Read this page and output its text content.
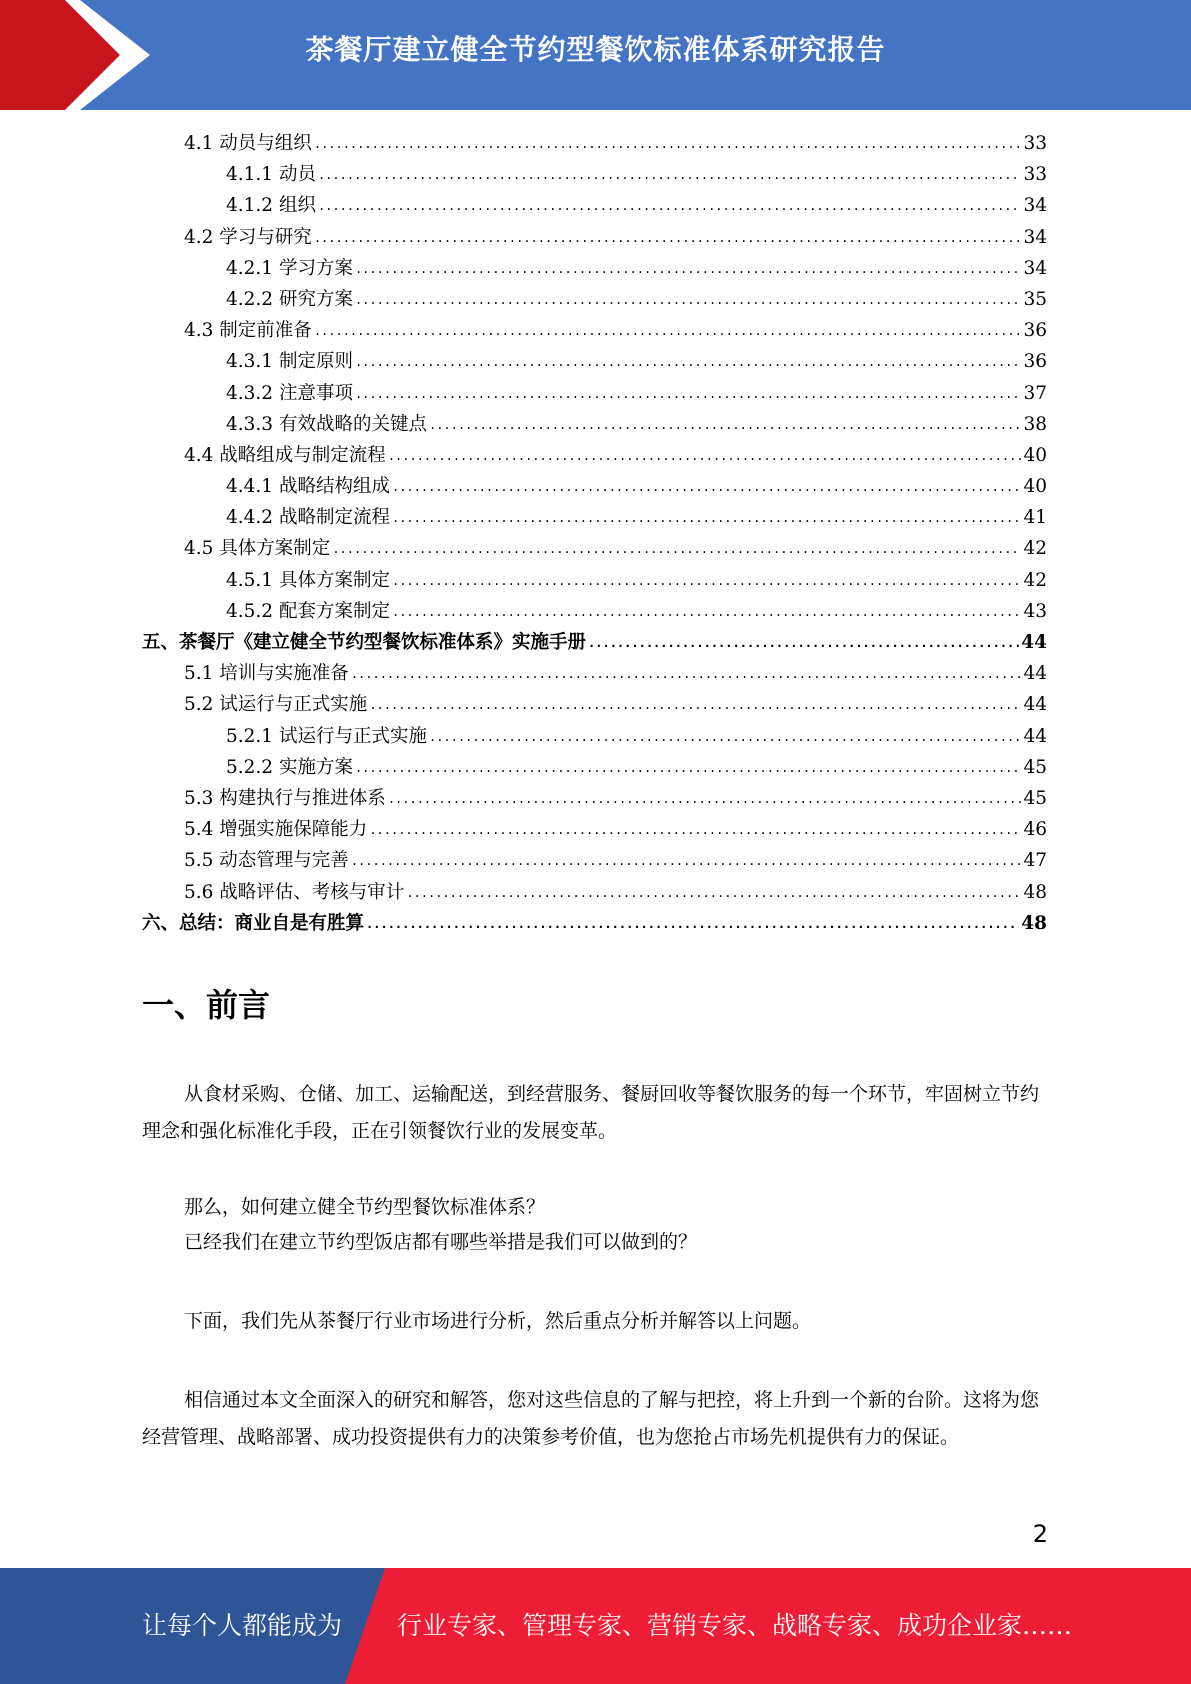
茶餐厅建立健全节约型餐饮标准体系研究报告
4.1 动员与组织 .....	33
4.1.1 动员 .....	33
4.1.2 组织 .....	34
4.2 学习与研究 .....	34
4.2.1 学习方案 .....	34
4.2.2 研究方案 .....	35
4.3 制定前准备 .....	36
4.3.1 制定原则 .....	36
4.3.2 注意事项 .....	37
4.3.3 有效战略的关键点 .....	38
4.4 战略组成与制定流程 .....	40
4.4.1 战略结构组成 .....	40
4.4.2 战略制定流程 .....	41
4.5 具体方案制定 .....	42
4.5.1 具体方案制定 .....	42
4.5.2 配套方案制定 .....	43
五、茶餐厅《建立健全节约型餐饮标准体系》实施手册 .....	44
5.1 培训与实施准备 .....	44
5.2 试运行与正式实施 .....	44
5.2.1 试运行与正式实施 .....	44
5.2.2 实施方案 .....	45
5.3 构建执行与推进体系 .....	45
5.4 增强实施保障能力 .....	46
5.5 动态管理与完善 .....	47
5.6 战略评估、考核与审计 .....	48
六、总结：商业自是有胜算 .....	48
一、前言
从食材采购、仓储、加工、运输配送，到经营服务、餐厨回收等餐饮服务的每一个环节，牢固树立节约理念和强化标准化手段，正在引领餐饮行业的发展变革。
那么，如何建立健全节约型餐饮标准体系？
已经我们在建立节约型饭店都有哪些举措是我们可以做到的？
下面，我们先从茶餐厅行业市场进行分析，然后重点分析并解答以上问题。
相信通过本文全面深入的研究和解答，您对这些信息的了解与把控，将上升到一个新的台阶。这将为您经营管理、战略部署、成功投资提供有力的决策参考价值，也为您抢占市场先机提供有力的保证。
2
让每个人都能成为 行业专家、管理专家、营销专家、战略专家、成功企业家……
